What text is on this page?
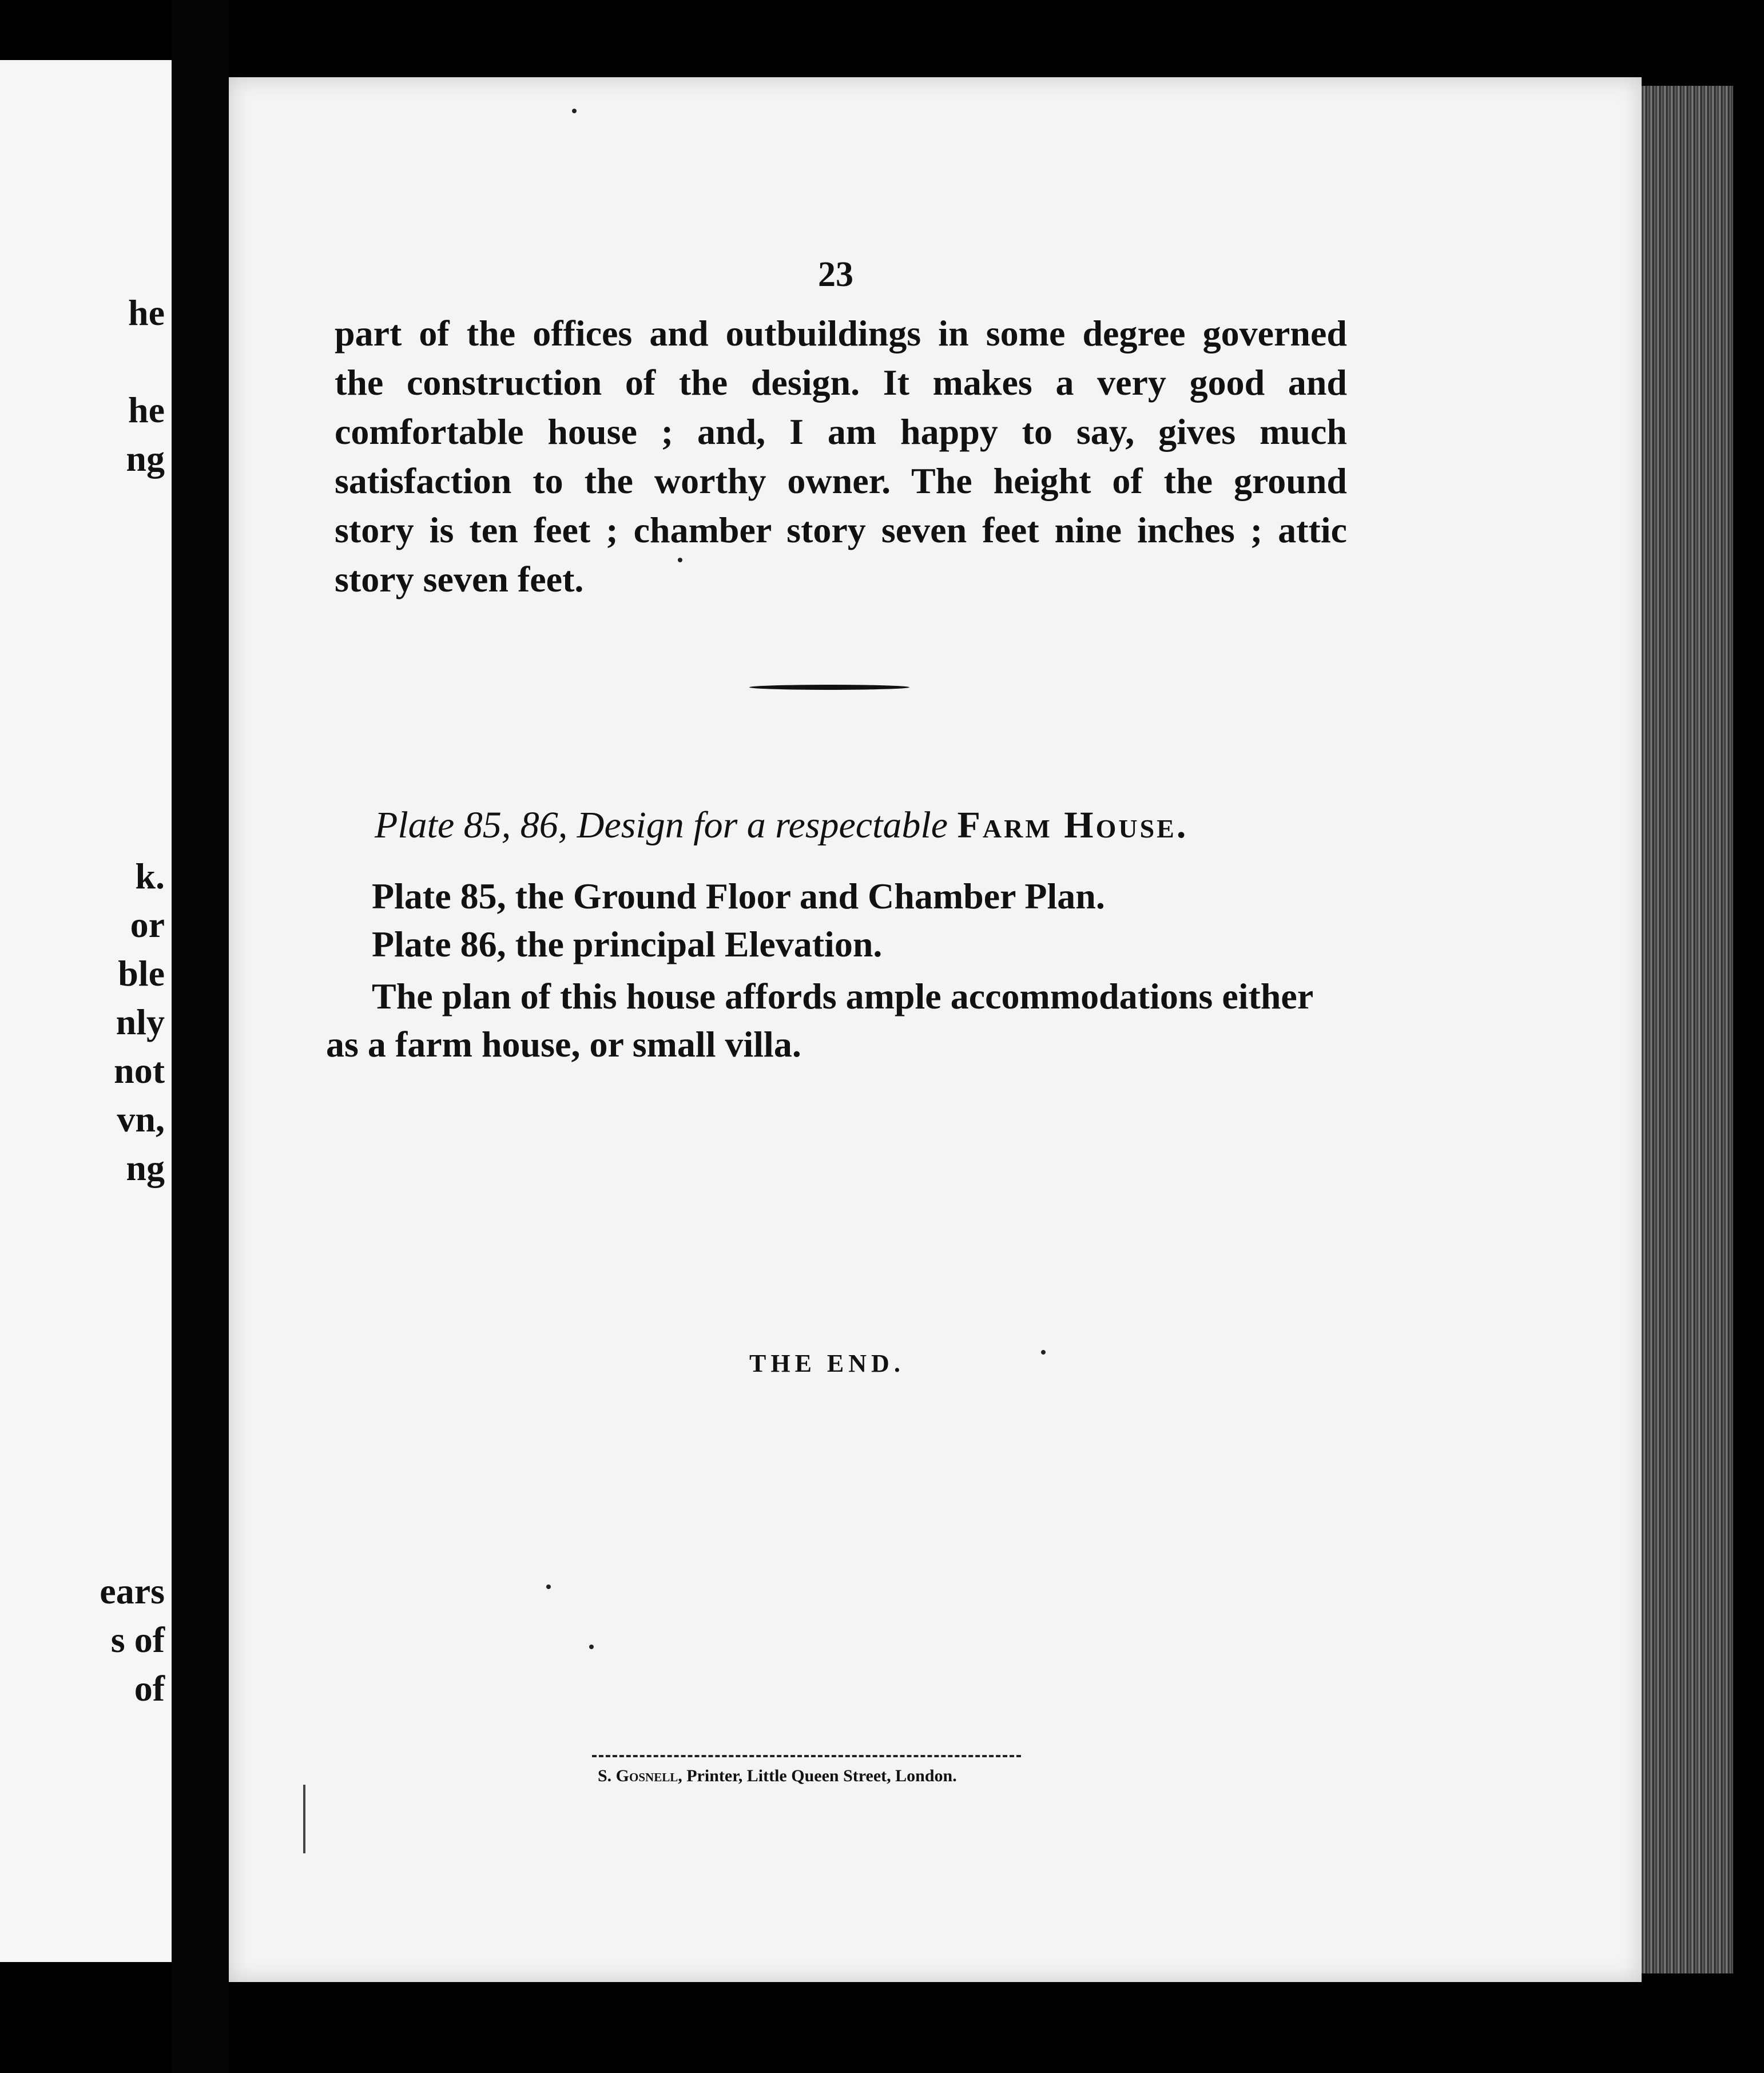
he
he
ng
k.
or
ble
nly
not
vn,
ng
ears
s of
of
23
part of the offices and outbuildings in some degree governed
the construction of the design. It makes a very good and
comfortable house ; and, I am happy to say, gives much
satisfaction to the worthy owner. The height of the ground
story is ten feet ; chamber story seven feet nine inches ; attic
story seven feet.
Plate 85, 86, Design for a respectable Farm House.
Plate 85, the Ground Floor and Chamber Plan.
Plate 86, the principal Elevation.
The plan of this house affords ample accommodations either
as a farm house, or small villa.
THE END.
S. Gosnell, Printer, Little Queen Street, London.
